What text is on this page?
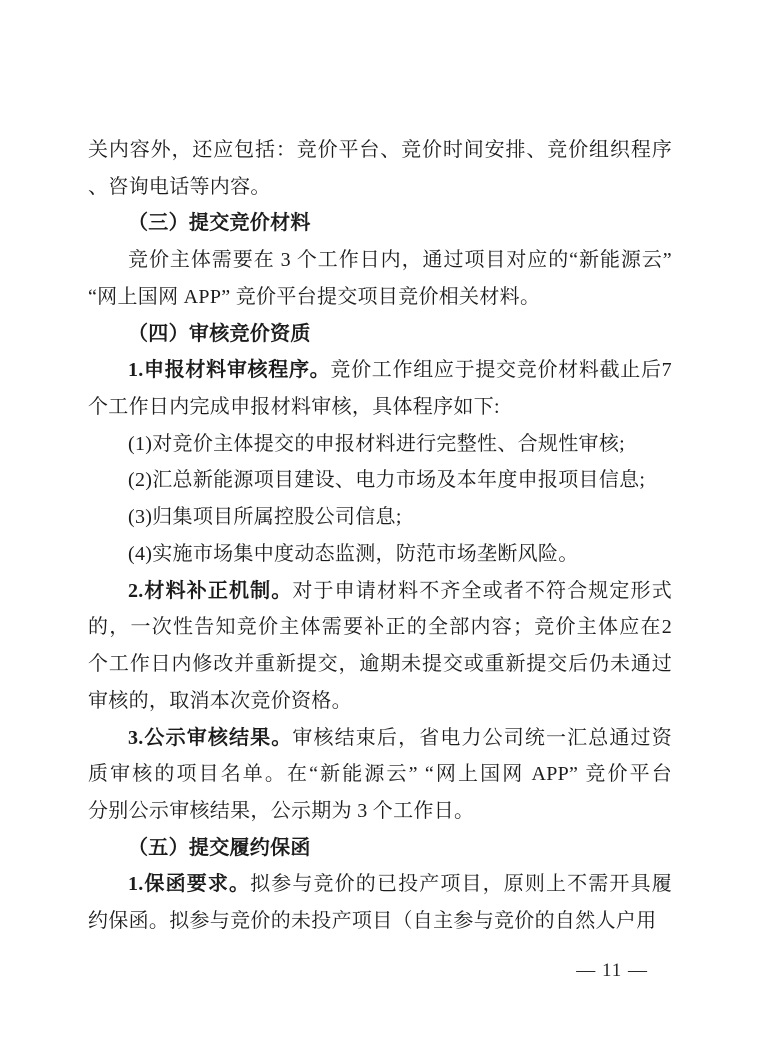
关内容外，还应包括：竞价平台、竞价时间安排、竞价组织程序

、咨询电话等内容。

（三）提交竞价材料

竞价主体需要在 3 个工作日内，通过项目对应的“新能源云”

“网上国网 APP” 竞价平台提交项目竞价相关材料。

（四）审核竞价资质

1.申报材料审核程序。竞价工作组应于提交竞价材料截止后7

个工作日内完成申报材料审核，具体程序如下:

(1)对竞价主体提交的申报材料进行完整性、合规性审核;

(2)汇总新能源项目建设、电力市场及本年度申报项目信息;

(3)归集项目所属控股公司信息;

(4)实施市场集中度动态监测，防范市场垄断风险。

2.材料补正机制。对于申请材料不齐全或者不符合规定形式

的，一次性告知竞价主体需要补正的全部内容；竞价主体应在2

个工作日内修改并重新提交，逾期未提交或重新提交后仍未通过

审核的，取消本次竞价资格。

3.公示审核结果。审核结束后，省电力公司统一汇总通过资

质审核的项目名单。在“新能源云” “网上国网 APP” 竞价平台

分别公示审核结果，公示期为 3 个工作日。

（五）提交履约保函

1.保函要求。拟参与竞价的已投产项目，原则上不需开具履

约保函。拟参与竞价的未投产项目（自主参与竞价的自然人户用

— 11 —
